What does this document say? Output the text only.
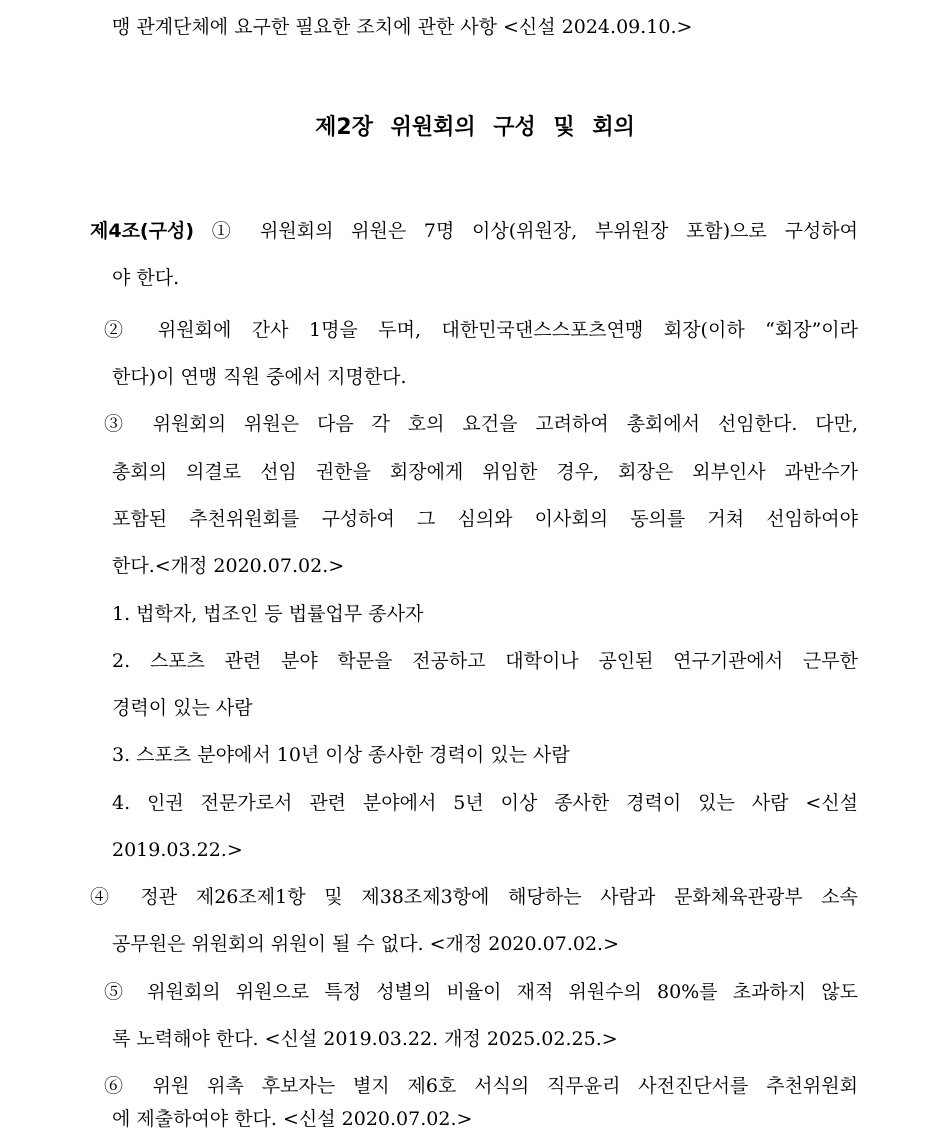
맹 관계단체에 요구한 필요한 조치에 관한 사항 <신설 2024.09.10.>
제2장 위원회의 구성 및 회의
제4조(구성) ① 위원회의 위원은 7명 이상(위원장, 부위원장 포함)으로 구성하여
야 한다.
② 위원회에 간사 1명을 두며, 대한민국댄스스포츠연맹 회장(이하 “회장”이라
한다)이 연맹 직원 중에서 지명한다.
③ 위원회의 위원은 다음 각 호의 요건을 고려하여 총회에서 선임한다. 다만,
총회의 의결로 선임 권한을 회장에게 위임한 경우, 회장은 외부인사 과반수가
포함된 추천위원회를 구성하여 그 심의와 이사회의 동의를 거쳐 선임하여야
한다.<개정 2020.07.02.>
1. 법학자, 법조인 등 법률업무 종사자
2. 스포츠 관련 분야 학문을 전공하고 대학이나 공인된 연구기관에서 근무한
경력이 있는 사람
3. 스포츠 분야에서 10년 이상 종사한 경력이 있는 사람
4. 인권 전문가로서 관련 분야에서 5년 이상 종사한 경력이 있는 사람 <신설
2019.03.22.>
④ 정관 제26조제1항 및 제38조제3항에 해당하는 사람과 문화체육관광부 소속
공무원은 위원회의 위원이 될 수 없다. <개정 2020.07.02.>
⑤ 위원회의 위원으로 특정 성별의 비율이 재적 위원수의 80%를 초과하지 않도
록 노력해야 한다. <신설 2019.03.22. 개정 2025.02.25.>
⑥ 위원 위촉 후보자는 별지 제6호 서식의 직무윤리 사전진단서를 추천위원회
에 제출하여야 한다. <신설 2020.07.02.>
